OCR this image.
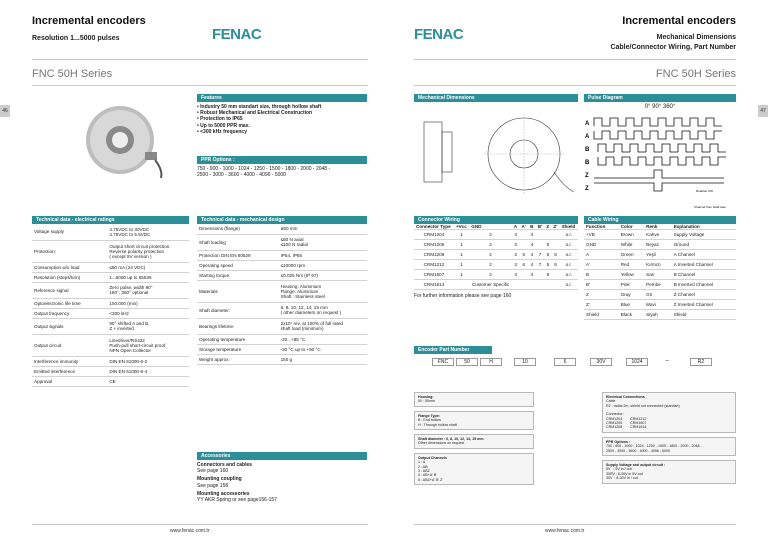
Incremental encoders
Resolution 1...5000 pulses	FENAC
FNC 50H Series
46
Features
• Industry 50 mm standart size, through hollow shaft
• Robust Mechanical and Electrical Construction
• Protection to IP65
• Up to 5000 PPR max.
• <300 kHz frequency
PPR Options :
750 - 900 - 1000 - 1024 - 1250 - 1500 - 1800 - 2000 - 2048 -
2500 - 3000 - 3600 - 4000 - 4096 - 5000
Technical data - electrical ratings
Voltage supply	4.75VDC to 30VDC
4.75VDC to 5.5VDC
Protection:	Output short circuit protection.
Reverse polarity protection
( except 5V version )
Consumption w/o load	≤60 mA (24 VDC)
Resolution (steps/turn)	1...5000 up to 65536
Reference signal	Zero pulse, width 90°
180°, 360° optional
Optoelectronic life time	100.000 (min)
Output frequency	<300 kHz
Output signals	90° shifted A and B,
Z + inverted
Output circuit	Linedriver/RS422
Push-pull short-circuit proof
NPN Open Collector
Interference immunity	DIN EN 61000-6-2
Emitted interference	DIN EN 61000-6-4
Approval	CE
Technical data - mechanical design
Dimensions (flange)	ø50 mm
Shaft loading	≤80 N axial
≤100 N radial
Protection DIN EN 60529	IP54, IP65
Operating speed	≤10000 rpm
Starting torque	≤0.025 Nm (IP 67)
Materials	Housing: Aluminium
Flange: Aluminium
Shaft : Stainless steel
Shaft diameter:	6, 8, 10, 12, 14, 15 mm
( other diameters on request )
Bearings lifetime:	2x10⁷ rev. at 100% of full rated
shaft load (minimum)
Operating temperature	-20...+85 °C
Storage temperature	-30 °C up to +90 °C
Weight approx.	150 g
Accessories
Connectors and cables
See page 160
Mounting coupling
See page 158
Mounting accessories
YY AKR Spring or see page156-157
www.fenac.com.tr
Incremental encoders
Mechanical Dimensions
Cable/Connector Wiring, Part Number
FENAC
FNC 50H Series
47
Mechanical Dimensions	Pulse Diagram
0° 90° 360°
A
A
B
B
Z
Z	Rotation CW
Channel from shaft side
Connector Wiring
Connector Type	+Vcc	GND	A	A'	B	B'	Z	Z'	Shield
CRM1204	1	2	3		4				o.r.
CRM1205	1	2	3		4		5		o.r.
CRM1208	1	2	3	6	4	7	5	8	o.r.
CRM1212	1	2	3	6	4	7	5	8	o.r.
CRM1607	1	2	3		4		5		o.r.
CRM1614		Customer Specific							o.r.
For further information please see page 160
Cable Wiring
Function	Color	Renk	Explanation
+VB	Brown	Kahve	Supply Voltage
GND	White	Beyaz	Ground
A	Green	Yeşil	A Channel
A'	Red	Kırmızı	A Inverted Channel
B	Yellow	Sarı	B Channel
B'	Pink	Pembe	B Inverted Channel
Z	Gray	Gri	Z Channel
Z'	Blue	Mavi	Z Inverted Channel
Shield	Black	Siyah	Shield
Encoder Part Number
FNC	50	H	10	6	30V	1024	–	R2
Housing:
50 : 50mm
Flange Type:
B : End hollow
H : Through hollow shaft
Shaft diameter : 6, 8, 10, 12, 14, 15 mm
Other dimensions on request
Output Channels
1 : A
2 : AB
3 : ABZ
4 : AB+A' B'
6 : ABZ+A' B' Z'
Electrical Connections
Cable
R2 : radial 2m, shield not connected (standart)
Connector:
CRM1204        CRM1212
CRM1205        CRM1607
CRM1208        CRM1614
PPR Options :
750 - 900 - 1000 - 1024 - 1250 - 1500 - 1800 - 2000 - 2048 -
2500 - 3000 - 3600 - 4000 - 4096 - 5000
Supply Voltage and output circuit :
5V   : 5V in / out
30RV : 8-30V in 5V out
30V  : 8-30V in / out
www.fenac.com.tr
